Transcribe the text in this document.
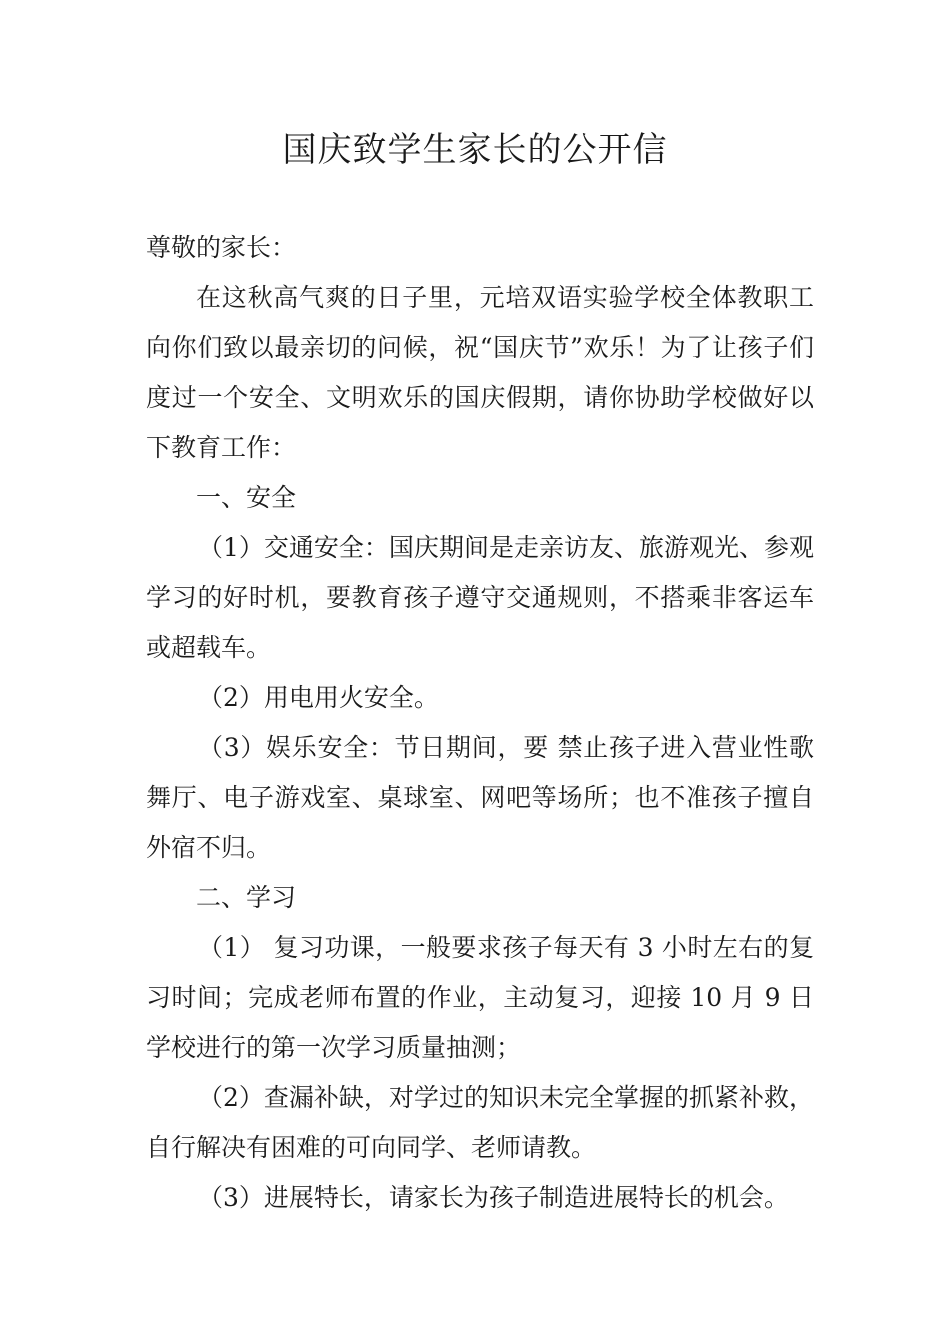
国庆致学生家长的公开信

尊敬的家长：

在这秋高气爽的日子里，元培双语实验学校全体教职工向你们致以最亲切的问候，祝“国庆节”欢乐！为了让孩子们度过一个安全、文明欢乐的国庆假期，请你协助学校做好以下教育工作：

一、安全

（1）交通安全：国庆期间是走亲访友、旅游观光、参观学习的好时机，要教育孩子遵守交通规则，不搭乘非客运车或超载车。

（2）用电用火安全。

（3）娱乐安全：节日期间，要 禁止孩子进入营业性歌舞厅、电子游戏室、桌球室、网吧等场所；也不准孩子擅自外宿不归。

二、学习

（1） 复习功课，一般要求孩子每天有 3 小时左右的复习时间；完成老师布置的作业，主动复习，迎接 10 月 9 日学校进行的第一次学习质量抽测；

（2）查漏补缺，对学过的知识未完全掌握的抓紧补救，自行解决有困难的可向同学、老师请教。

（3）进展特长，请家长为孩子制造进展特长的机会。
